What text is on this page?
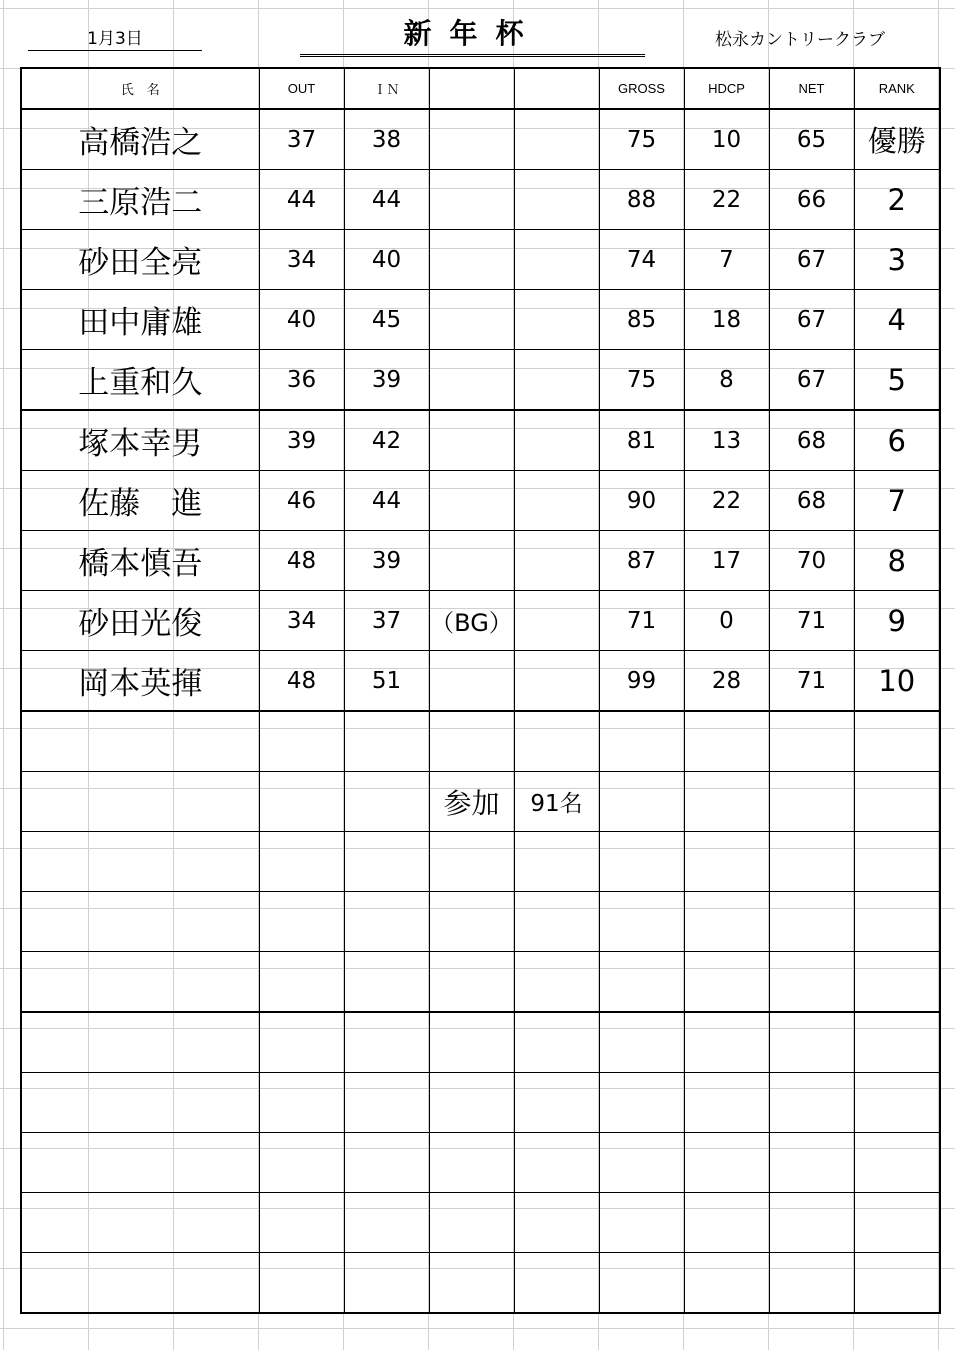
1月3日	新年杯	松永カントリークラブ
氏　名	OUT	ＩＮ			GROSS	HDCP	NET	RANK
高橋浩之	37	38			75	10	65	優勝
三原浩二	44	44			88	22	66	2
砂田全亮	34	40			74	7	67	3
田中庸雄	40	45			85	18	67	4
上重和久	36	39			75	8	67	5
塚本幸男	39	42			81	13	68	6
佐藤　進	46	44			90	22	68	7
橋本慎吾	48	39			87	17	70	8
砂田光俊	34	37	（BG）		71	0	71	9
岡本英揮	48	51			99	28	71	10

			参加	91名				
